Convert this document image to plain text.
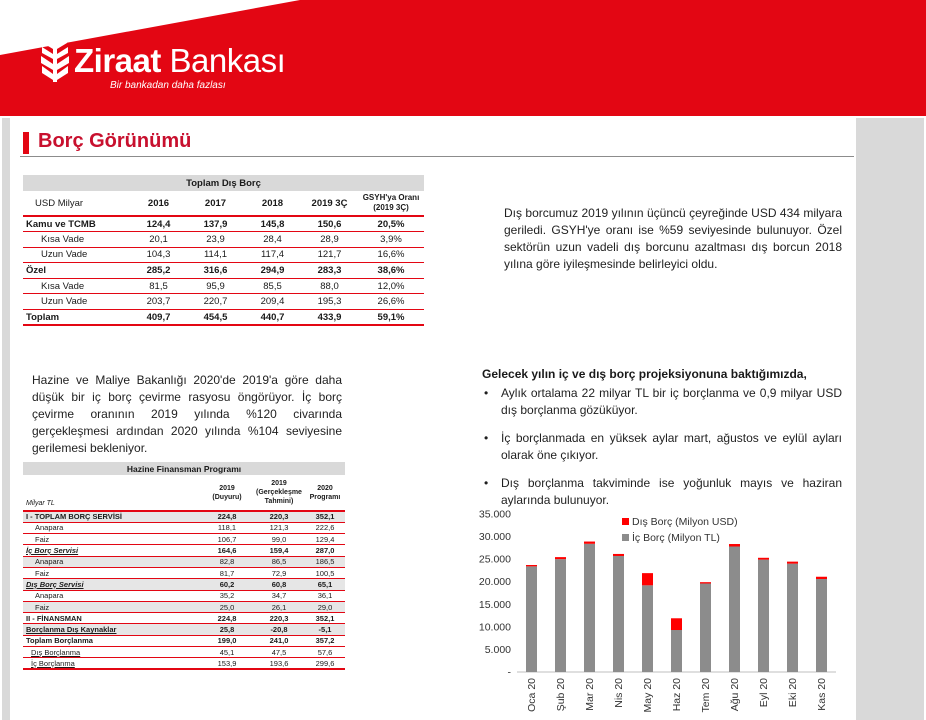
Ziraat Bankası
Bir bankadan daha fazlası
Borç Görünümü
Toplam Dış Borç					
USD Milyar	2016	2017	2018	2019 3Ç	GSYH'ya Oranı (2019 3Ç)
Kamu ve TCMB	124,4	137,9	145,8	150,6	20,5%
Kısa Vade	20,1	23,9	28,4	28,9	3,9%
Uzun Vade	104,3	114,1	117,4	121,7	16,6%
Özel	285,2	316,6	294,9	283,3	38,6%
Kısa Vade	81,5	95,9	85,5	88,0	12,0%
Uzun Vade	203,7	220,7	209,4	195,3	26,6%
Toplam	409,7	454,5	440,7	433,9	59,1%
Dış borcumuz 2019 yılının üçüncü çeyreğinde USD 434 milyara geriledi. GSYH'ye oranı ise %59 seviyesinde bulunuyor. Özel sektörün uzun vadeli dış borcunu azaltması dış borcun 2018 yılına göre iyileşmesinde belirleyici oldu.
Hazine ve Maliye Bakanlığı 2020'de 2019'a göre daha düşük bir iç borç çevirme rasyosu öngörüyor. İç borç çevirme oranının 2019 yılında %120 civarında gerçekleşmesi ardından 2020 yılında %104 seviyesine gerilemesi bekleniyor.
Hazine Finansman Programı			
Milyar TL	2019 (Duyuru)	2019 (Gerçekleşme Tahmini)	2020 Programı
I - TOPLAM BORÇ SERVİSİ	224,8	220,3	352,1
Anapara	118,1	121,3	222,6
Faiz	106,7	99,0	129,4
İç Borç Servisi	164,6	159,4	287,0
Anapara	82,8	86,5	186,5
Faiz	81,7	72,9	100,5
Dış Borç Servisi	60,2	60,8	65,1
Anapara	35,2	34,7	36,1
Faiz	25,0	26,1	29,0
II - FİNANSMAN	224,8	220,3	352,1
Borçlanma Dış Kaynaklar	25,8	-20,8	-5,1
Toplam Borçlanma	199,0	241,0	357,2
Dış Borçlanma	45,1	47,5	57,6
İç Borçlanma	153,9	193,6	299,6
Gelecek yılın iç ve dış borç projeksiyonuna baktığımızda,
• Aylık ortalama 22 milyar TL bir iç borçlanma ve 0,9 milyar USD dış borçlanma gözüküyor.
• İç borçlanmada en yüksek aylar mart, ağustos ve eylül ayları olarak öne çıkıyor.
• Dış borçlanma takviminde ise yoğunluk mayıs ve haziran aylarında bulunuyor.
-
5.000
10.000
15.000
20.000
25.000
30.000
35.000
Oca 20 Şub 20 Mar 20 Nis 20 May 20 Haz 20 Tem 20 Ağu 20 Eyl 20 Eki 20 Kas 20
Dış Borç (Milyon USD)
İç Borç (Milyon TL)
